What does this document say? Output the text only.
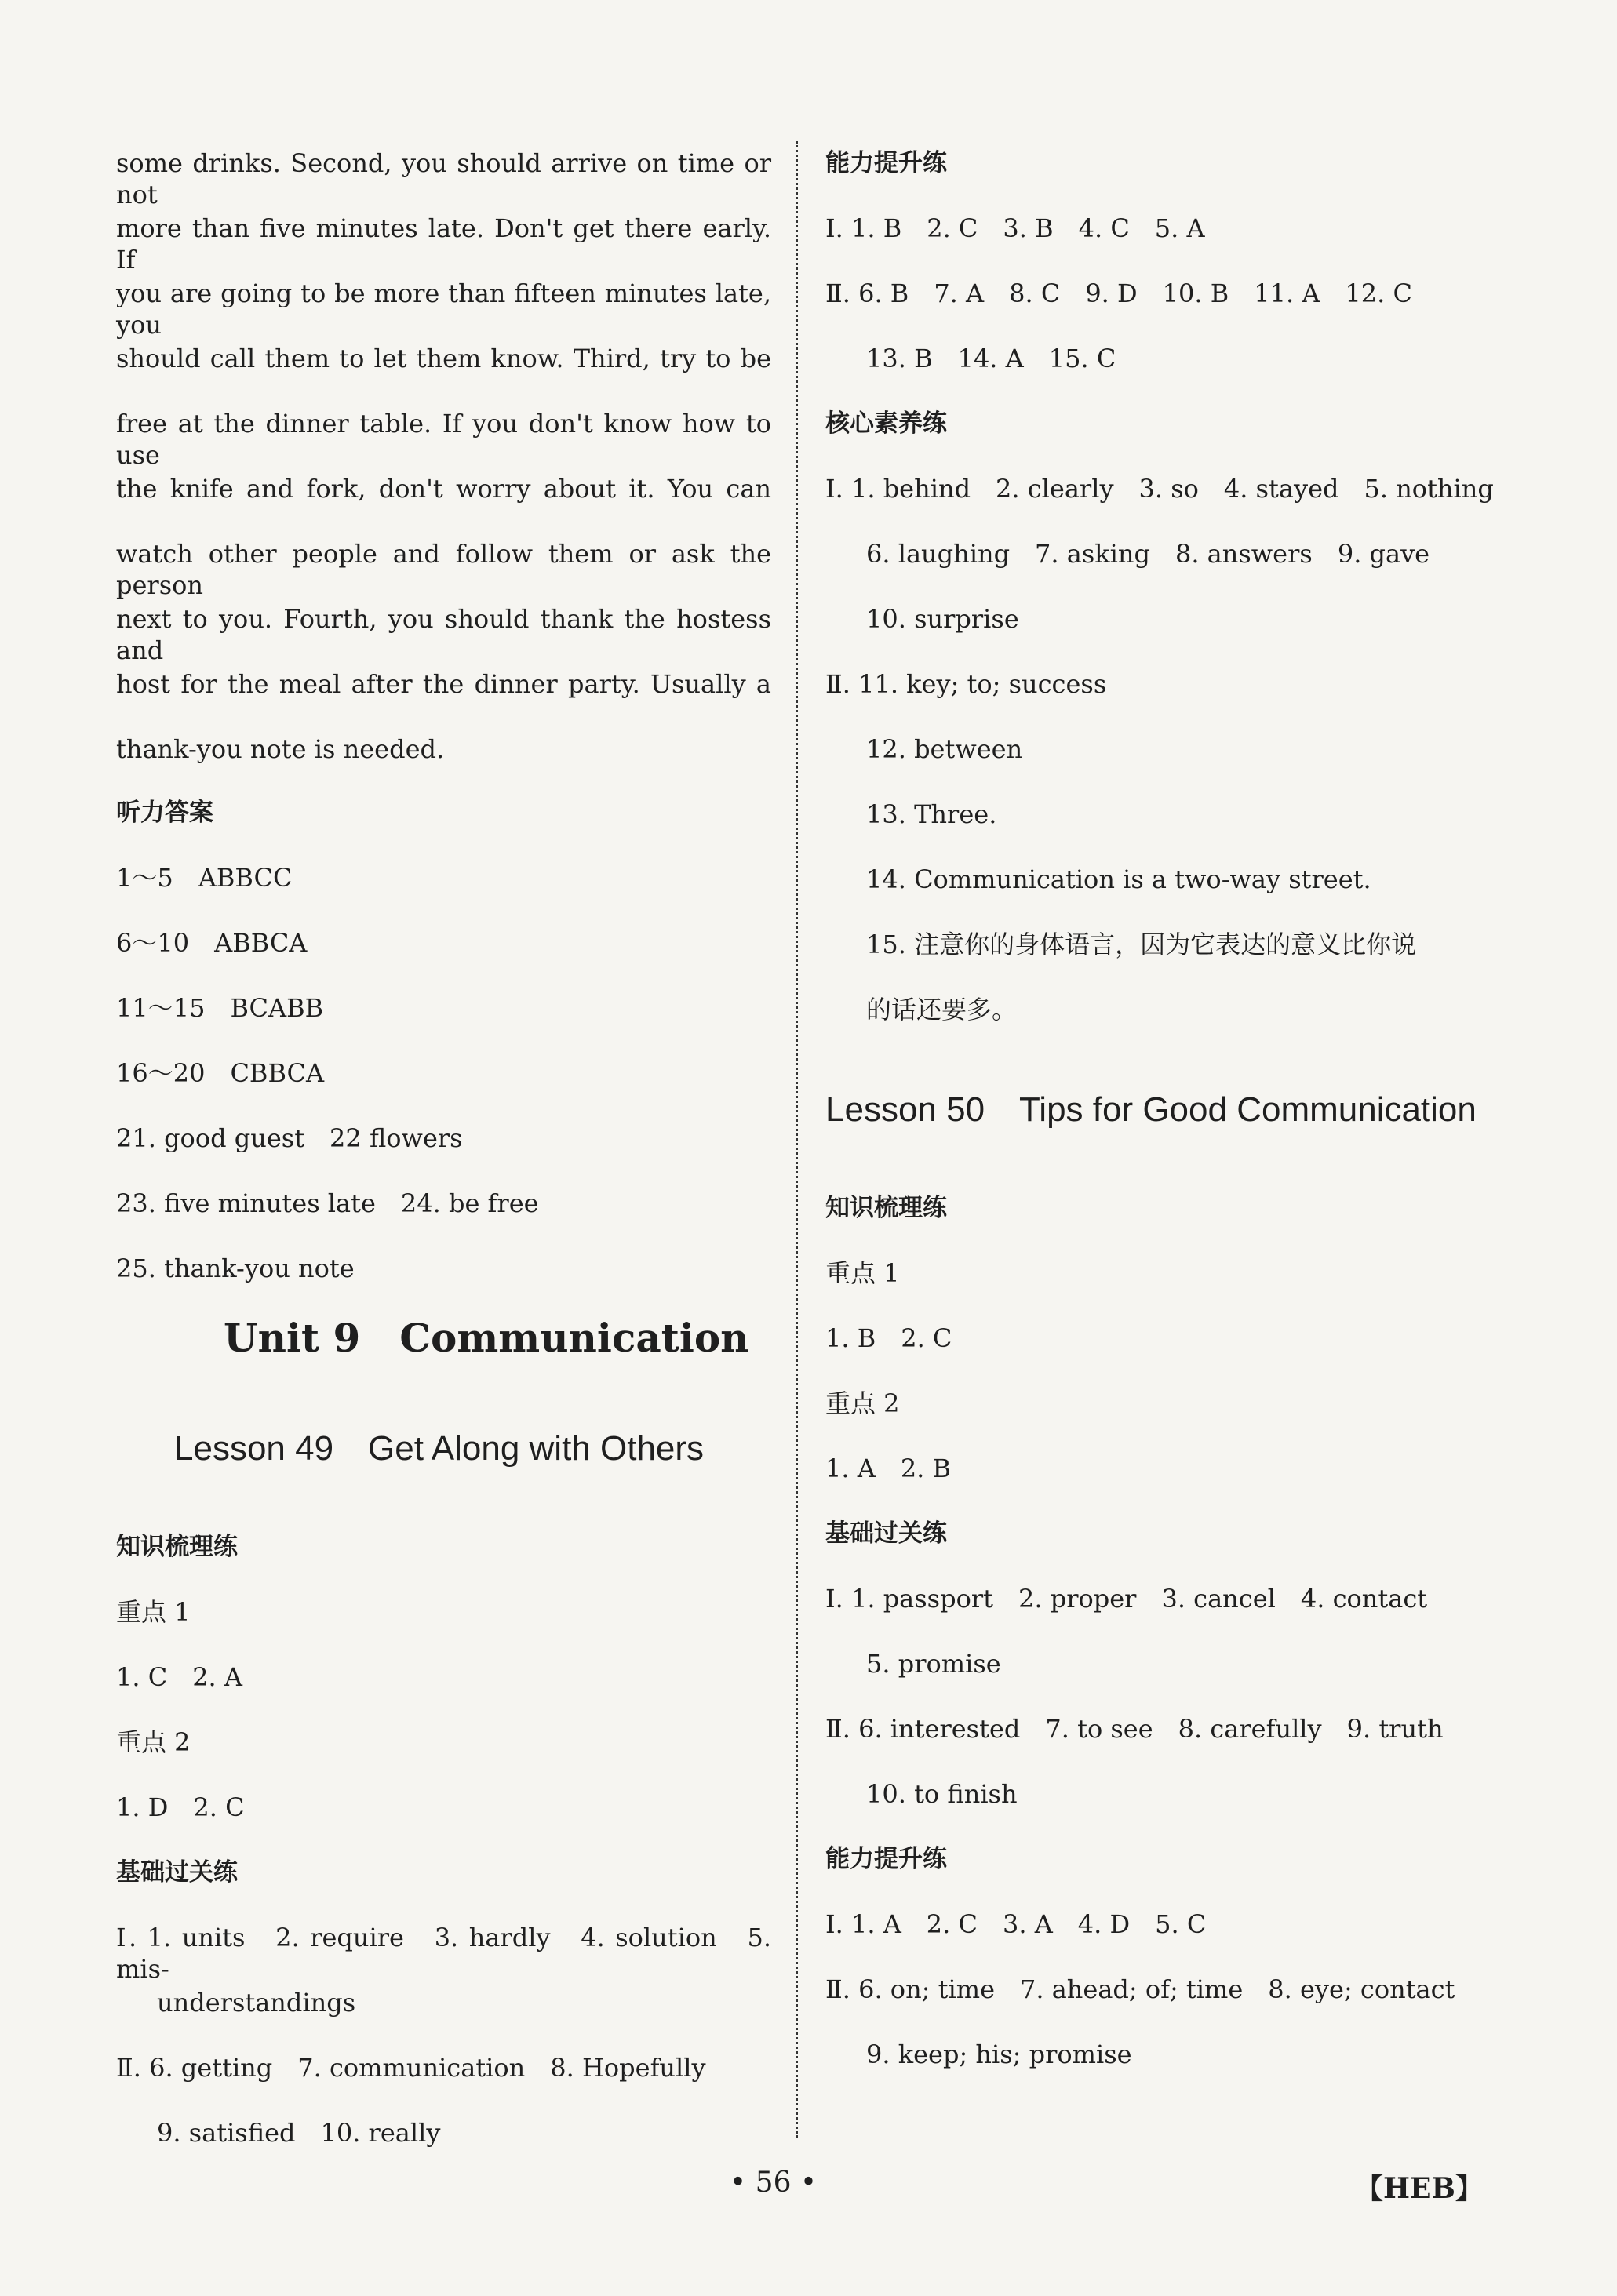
some drinks. Second, you should arrive on time or not
more than five minutes late. Don't get there early. If
you are going to be more than fifteen minutes late, you
should call them to let them know. Third, try to be
free at the dinner table. If you don't know how to use
the knife and fork, don't worry about it. You can
watch other people and follow them or ask the person
next to you. Fourth, you should thank the hostess and
host for the meal after the dinner party. Usually a
thank-you note is needed.
听力答案
1～5　ABBCC
6～10　ABBCA
11～15　BCABB
16～20　CBBCA
21. good guest　22 flowers
23. five minutes late　24. be free
25. thank-you note
Unit 9　Communication
Lesson 49　Get Along with Others
知识梳理练
重点 1
1. C　2. A
重点 2
1. D　2. C
基础过关练
Ⅰ. 1. units　2. require　3. hardly　4. solution　5. mis-
understandings
Ⅱ. 6. getting　7. communication　8. Hopefully
9. satisfied　10. really
能力提升练
Ⅰ. 1. B　2. C　3. B　4. C　5. A
Ⅱ. 6. B　7. A　8. C　9. D　10. B　11. A　12. C
13. B　14. A　15. C
核心素养练
Ⅰ. 1. behind　2. clearly　3. so　4. stayed　5. nothing
6. laughing　7. asking　8. answers　9. gave
10. surprise
Ⅱ. 11. key; to; success
12. between
13. Three.
14. Communication is a two-way street.
15. 注意你的身体语言，因为它表达的意义比你说
的话还要多。
Lesson 50　Tips for Good Communication
知识梳理练
重点 1
1. B　2. C
重点 2
1. A　2. B
基础过关练
Ⅰ. 1. passport　2. proper　3. cancel　4. contact
5. promise
Ⅱ. 6. interested　7. to see　8. carefully　9. truth
10. to finish
能力提升练
Ⅰ. 1. A　2. C　3. A　4. D　5. C
Ⅱ. 6. on; time　7. ahead; of; time　8. eye; contact
9. keep; his; promise
• 56 •	【HEB】
